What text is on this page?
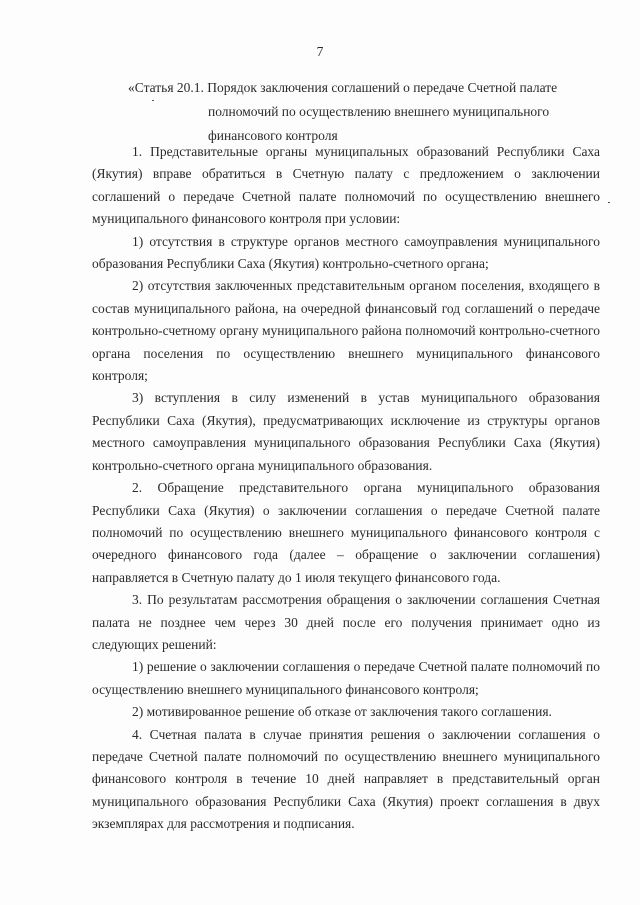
7
«Статья 20.1. Порядок заключения соглашений о передаче Счетной палате
полномочий по осуществлению внешнего муниципального
финансового контроля

1. Представительные органы муниципальных образований Республики Саха (Якутия) вправе обратиться в Счетную палату с предложением о заключении соглашений о передаче Счетной палате полномочий по осуществлению внешнего муниципального финансового контроля при условии:

1) отсутствия в структуре органов местного самоуправления муниципального образования Республики Саха (Якутия) контрольно-счетного органа;

2) отсутствия заключенных представительным органом поселения, входящего в состав муниципального района, на очередной финансовый год соглашений о передаче контрольно-счетному органу муниципального района полномочий контрольно-счетного органа поселения по осуществлению внешнего муниципального финансового контроля;

3) вступления в силу изменений в устав муниципального образования Республики Саха (Якутия), предусматривающих исключение из структуры органов местного самоуправления муниципального образования Республики Саха (Якутия) контрольно-счетного органа муниципального образования.

2. Обращение представительного органа муниципального образования Республики Саха (Якутия) о заключении соглашения о передаче Счетной палате полномочий по осуществлению внешнего муниципального финансового контроля с очередного финансового года (далее – обращение о заключении соглашения) направляется в Счетную палату до 1 июля текущего финансового года.

3. По результатам рассмотрения обращения о заключении соглашения Счетная палата не позднее чем через 30 дней после его получения принимает одно из следующих решений:

1) решение о заключении соглашения о передаче Счетной палате полномочий по осуществлению внешнего муниципального финансового контроля;

2) мотивированное решение об отказе от заключения такого соглашения.

4. Счетная палата в случае принятия решения о заключении соглашения о передаче Счетной палате полномочий по осуществлению внешнего муниципального финансового контроля в течение 10 дней направляет в представительный орган муниципального образования Республики Саха (Якутия) проект соглашения в двух экземплярах для рассмотрения и подписания.
